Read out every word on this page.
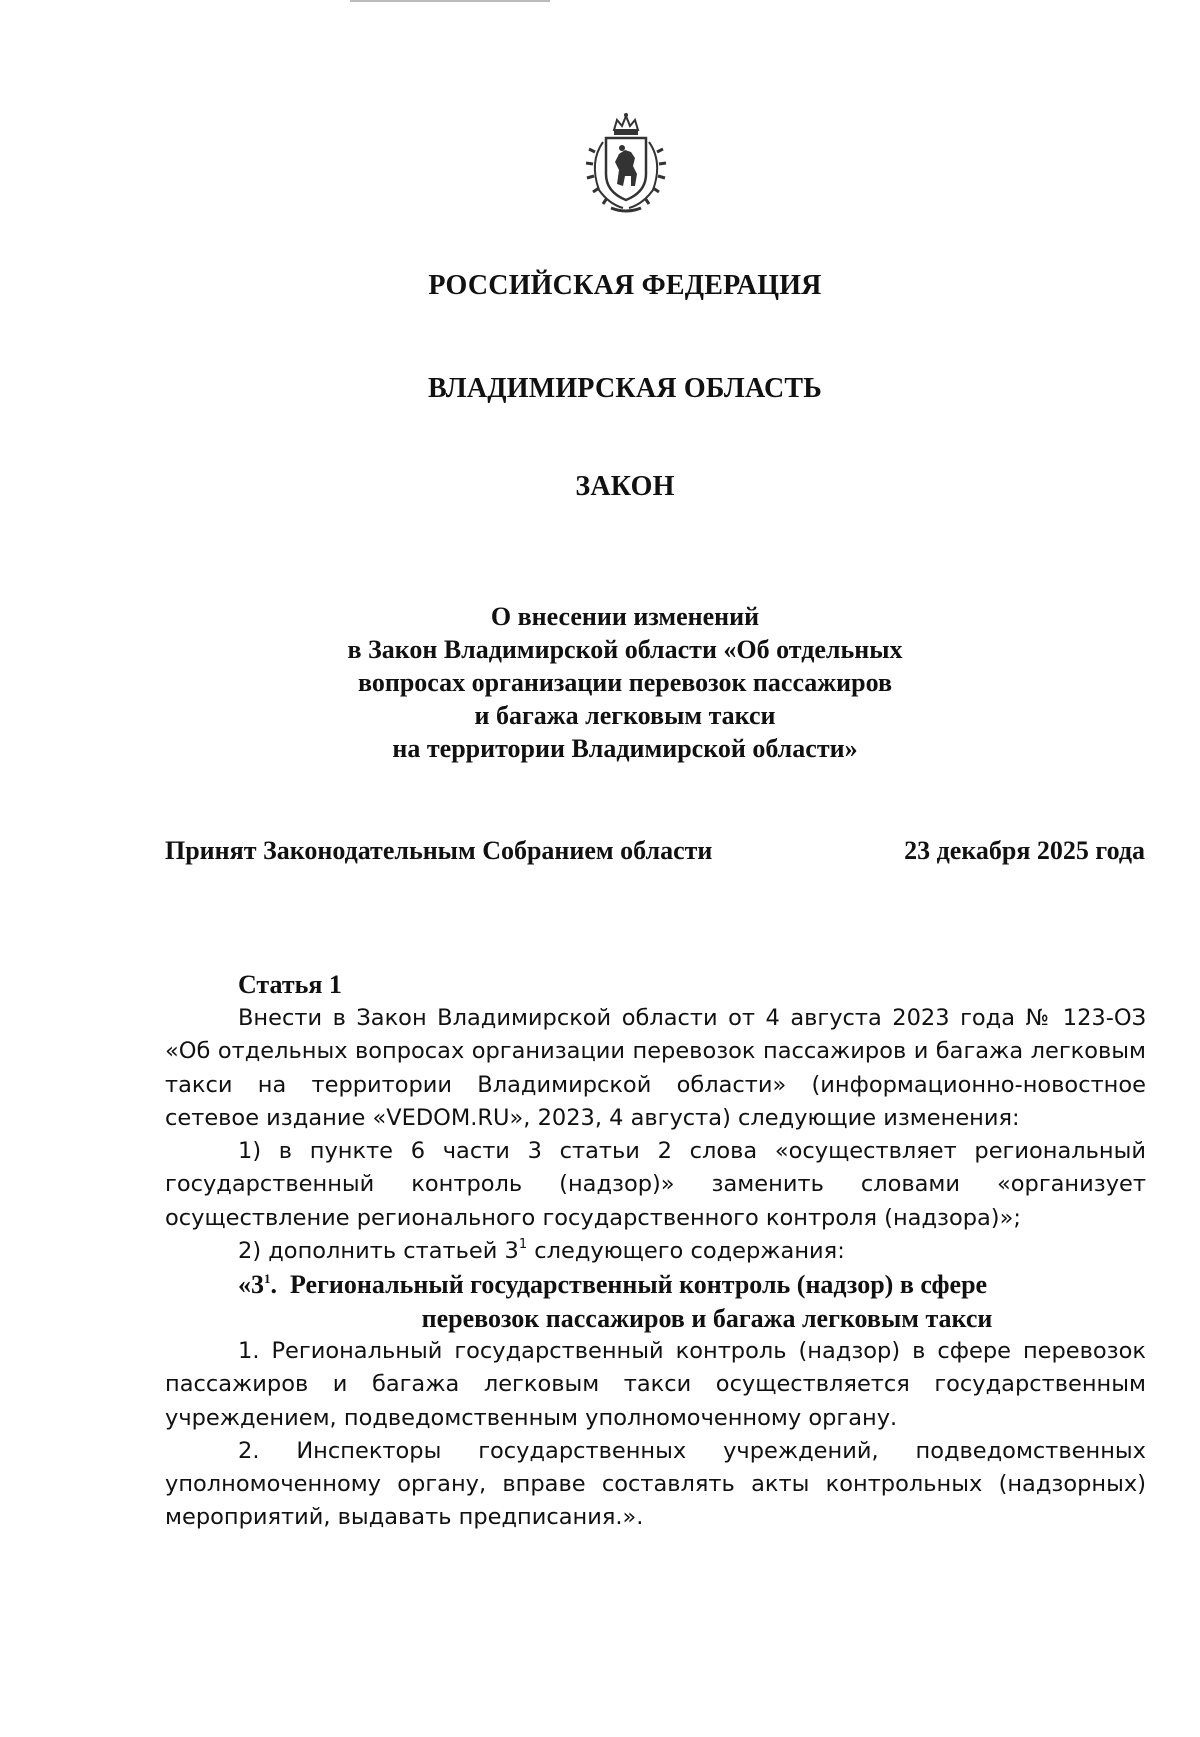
РОССИЙСКАЯ ФЕДЕРАЦИЯ
ВЛАДИМИРСКАЯ ОБЛАСТЬ
ЗАКОН
О внесении изменений
в Закон Владимирской области «Об отдельных
вопросах организации перевозок пассажиров
и багажа легковым такси
на территории Владимирской области»
Принят Законодательным Собранием области	23 декабря 2025 года
Статья 1

Внести в Закон Владимирской области от 4 августа 2023 года № 123-ОЗ «Об отдельных вопросах организации перевозок пассажиров и багажа легковым такси на территории Владимирской области» (информационно-новостное сетевое издание «VEDOM.RU», 2023, 4 августа) следующие изменения:

1) в пункте 6 части 3 статьи 2 слова «осуществляет региональный государственный контроль (надзор)» заменить словами «организует осуществление регионального государственного контроля (надзора)»;

2) дополнить статьей $3^1$ следующего содержания:

«$3^1$. Региональный государственный контроль (надзор) в сфере
перевозок пассажиров и багажа легковым такси

1. Региональный государственный контроль (надзор) в сфере перевозок пассажиров и багажа легковым такси осуществляется государственным учреждением, подведомственным уполномоченному органу.

2. Инспекторы государственных учреждений, подведомственных уполномоченному органу, вправе составлять акты контрольных (надзорных) мероприятий, выдавать предписания.».
